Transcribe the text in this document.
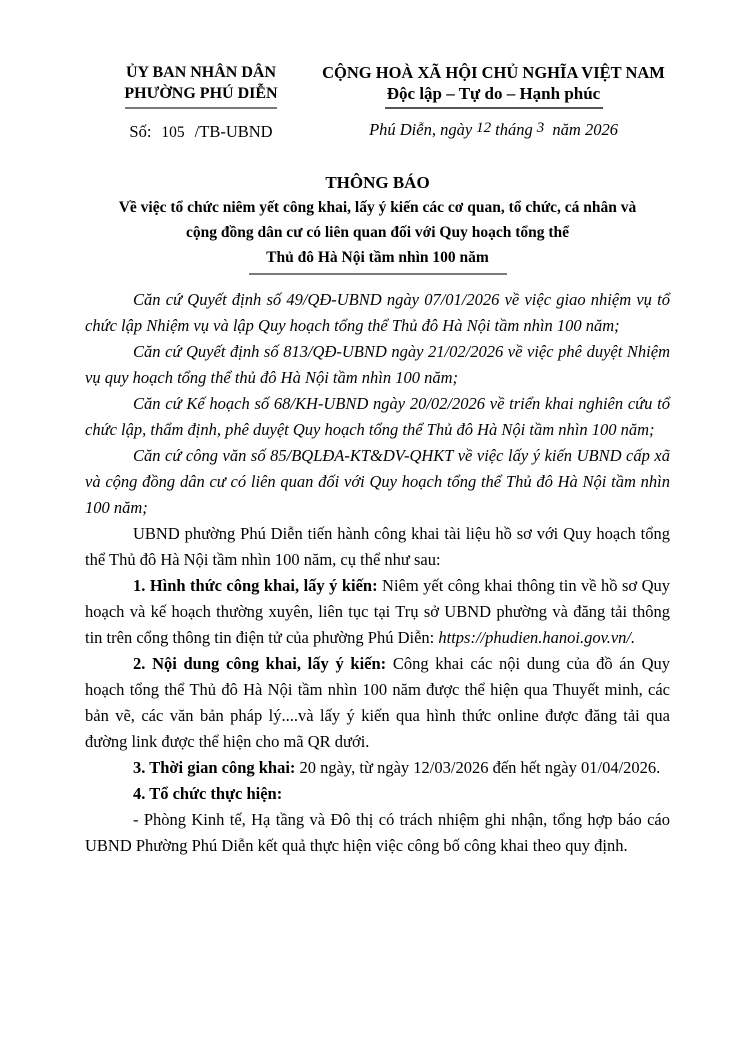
ỦY BAN NHÂN DÂN
PHƯỜNG PHÚ DIỄN
Số: 105 /TB-UBND
CỘNG HOÀ XÃ HỘI CHỦ NGHĨA VIỆT NAM
Độc lập – Tự do – Hạnh phúc
Phú Diễn, ngày 12 tháng 3 năm 2026
THÔNG BÁO
Về việc tổ chức niêm yết công khai, lấy ý kiến các cơ quan, tổ chức, cá nhân và
cộng đồng dân cư có liên quan đối với Quy hoạch tổng thể
Thủ đô Hà Nội tầm nhìn 100 năm

Căn cứ Quyết định số 49/QĐ-UBND ngày 07/01/2026 về việc giao nhiệm vụ tổ chức lập Nhiệm vụ và lập Quy hoạch tổng thể Thủ đô Hà Nội tầm nhìn 100 năm;

Căn cứ Quyết định số 813/QĐ-UBND ngày 21/02/2026 về việc phê duyệt Nhiệm vụ quy hoạch tổng thể thủ đô Hà Nội tầm nhìn 100 năm;

Căn cứ Kế hoạch số 68/KH-UBND ngày 20/02/2026 về triển khai nghiên cứu tổ chức lập, thẩm định, phê duyệt Quy hoạch tổng thể Thủ đô Hà Nội tầm nhìn 100 năm;

Căn cứ công văn số 85/BQLĐA-KT&DV-QHKT về việc lấy ý kiến UBND cấp xã và cộng đồng dân cư có liên quan đối với Quy hoạch tổng thể Thủ đô Hà Nội tầm nhìn 100 năm;

UBND phường Phú Diễn tiến hành công khai tài liệu hồ sơ với Quy hoạch tổng thể Thủ đô Hà Nội tầm nhìn 100 năm, cụ thể như sau:

1. Hình thức công khai, lấy ý kiến: Niêm yết công khai thông tin về hồ sơ Quy hoạch và kế hoạch thường xuyên, liên tục tại Trụ sở UBND phường và đăng tải thông tin trên cổng thông tin điện tử của phường Phú Diễn: https://phudien.hanoi.gov.vn/.

2. Nội dung công khai, lấy ý kiến: Công khai các nội dung của đồ án Quy hoạch tổng thể Thủ đô Hà Nội tầm nhìn 100 năm được thể hiện qua Thuyết minh, các bản vẽ, các văn bản pháp lý....và lấy ý kiến qua hình thức online được đăng tải qua đường link được thể hiện cho mã QR dưới.

3. Thời gian công khai: 20 ngày, từ ngày 12/03/2026 đến hết ngày 01/04/2026.

4. Tổ chức thực hiện:

- Phòng Kinh tế, Hạ tầng và Đô thị có trách nhiệm ghi nhận, tổng hợp báo cáo UBND Phường Phú Diễn kết quả thực hiện việc công bố công khai theo quy định.
